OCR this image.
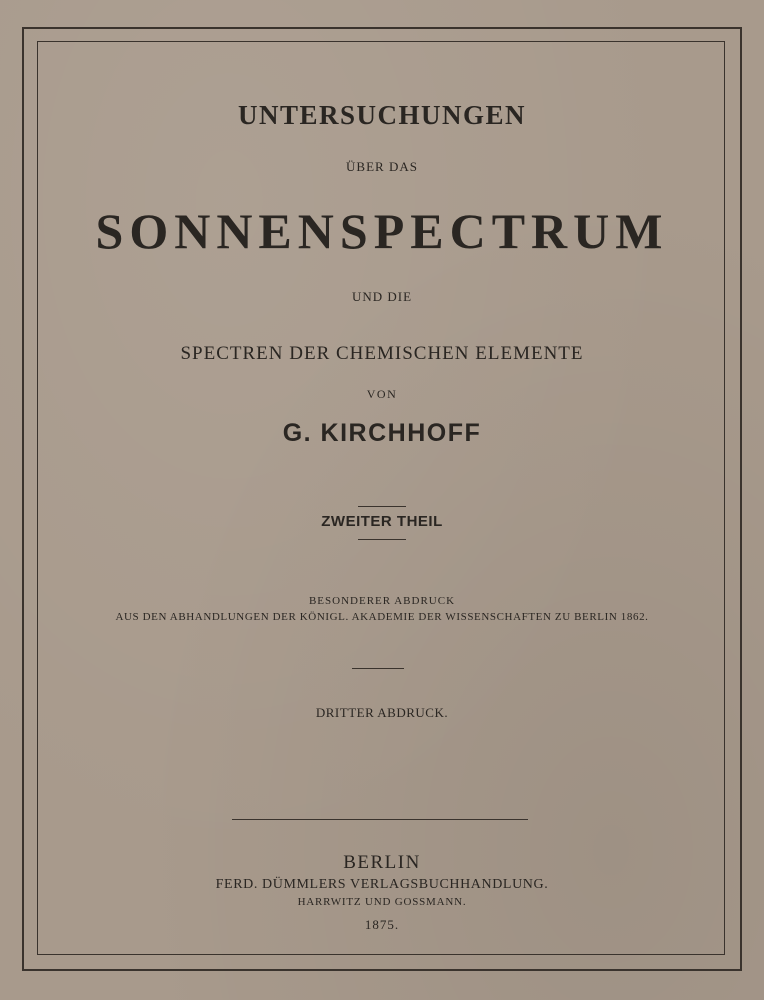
UNTERSUCHUNGEN
ÜBER DAS
SONNENSPECTRUM
UND DIE
SPECTREN DER CHEMISCHEN ELEMENTE
VON
G. KIRCHHOFF
ZWEITER THEIL
BESONDERER ABDRUCK
AUS DEN ABHANDLUNGEN DER KÖNIGL. AKADEMIE DER WISSENSCHAFTEN ZU BERLIN 1862.
DRITTER ABDRUCK.
BERLIN
FERD. DÜMMLERS VERLAGSBUCHHANDLUNG.
HARRWITZ UND GOSSMANN.
1875.
